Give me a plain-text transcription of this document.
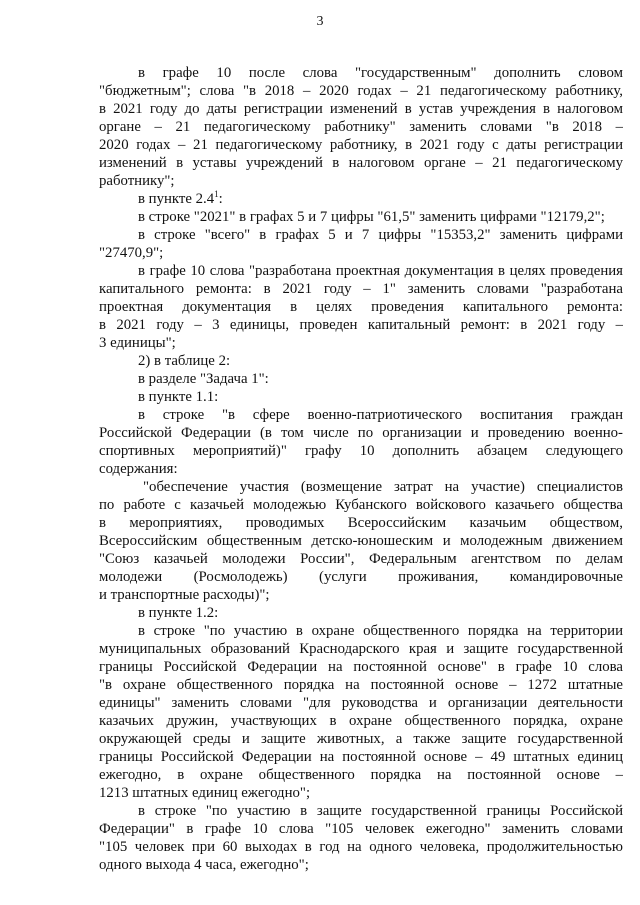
3
в графе 10 после слова "государственным" дополнить словом
"бюджетным"; слова "в 2018 – 2020 годах – 21 педагогическому работнику,
в 2021 году до даты регистрации изменений в устав учреждения в налоговом
органе – 21 педагогическому работнику" заменить словами "в 2018 –
2020 годах – 21 педагогическому работнику, в 2021 году с даты регистрации
изменений в уставы учреждений в налоговом органе – 21 педагогическому
работнику";
в пункте $2.4^1$:
в строке "2021" в графах 5 и 7 цифры "61,5" заменить цифрами "12179,2";
в строке "всего" в графах 5 и 7 цифры "15353,2" заменить цифрами
"27470,9";
в графе 10 слова "разработана проектная документация в целях проведения
капитального ремонта: в 2021 году – 1" заменить словами "разработана
проектная документация в целях проведения капитального ремонта:
в 2021 году – 3 единицы, проведен капитальный ремонт: в 2021 году –
3 единицы";
2) в таблице 2:
в разделе "Задача 1":
в пункте 1.1:
в строке "в сфере военно-патриотического воспитания граждан
Российской Федерации (в том числе по организации и проведению военно-
спортивных мероприятий)" графу 10 дополнить абзацем следующего
содержания:
"обеспечение участия (возмещение затрат на участие) специалистов
по работе с казачьей молодежью Кубанского войскового казачьего общества
в мероприятиях, проводимых Всероссийским казачьим обществом,
Всероссийским общественным детско-юношеским и молодежным движением
"Союз казачьей молодежи России", Федеральным агентством по делам
молодежи (Росмолодежь) (услуги проживания, командировочные
и транспортные расходы)";
в пункте 1.2:
в строке "по участию в охране общественного порядка на территории
муниципальных образований Краснодарского края и защите государственной
границы Российской Федерации на постоянной основе" в графе 10 слова
"в охране общественного порядка на постоянной основе – 1272 штатные
единицы" заменить словами "для руководства и организации деятельности
казачьих дружин, участвующих в охране общественного порядка, охране
окружающей среды и защите животных, а также защите государственной
границы Российской Федерации на постоянной основе – 49 штатных единиц
ежегодно, в охране общественного порядка на постоянной основе –
1213 штатных единиц ежегодно";
в строке "по участию в защите государственной границы Российской
Федерации" в графе 10 слова "105 человек ежегодно" заменить словами
"105 человек при 60 выходах в год на одного человека, продолжительностью
одного выхода 4 часа, ежегодно";
